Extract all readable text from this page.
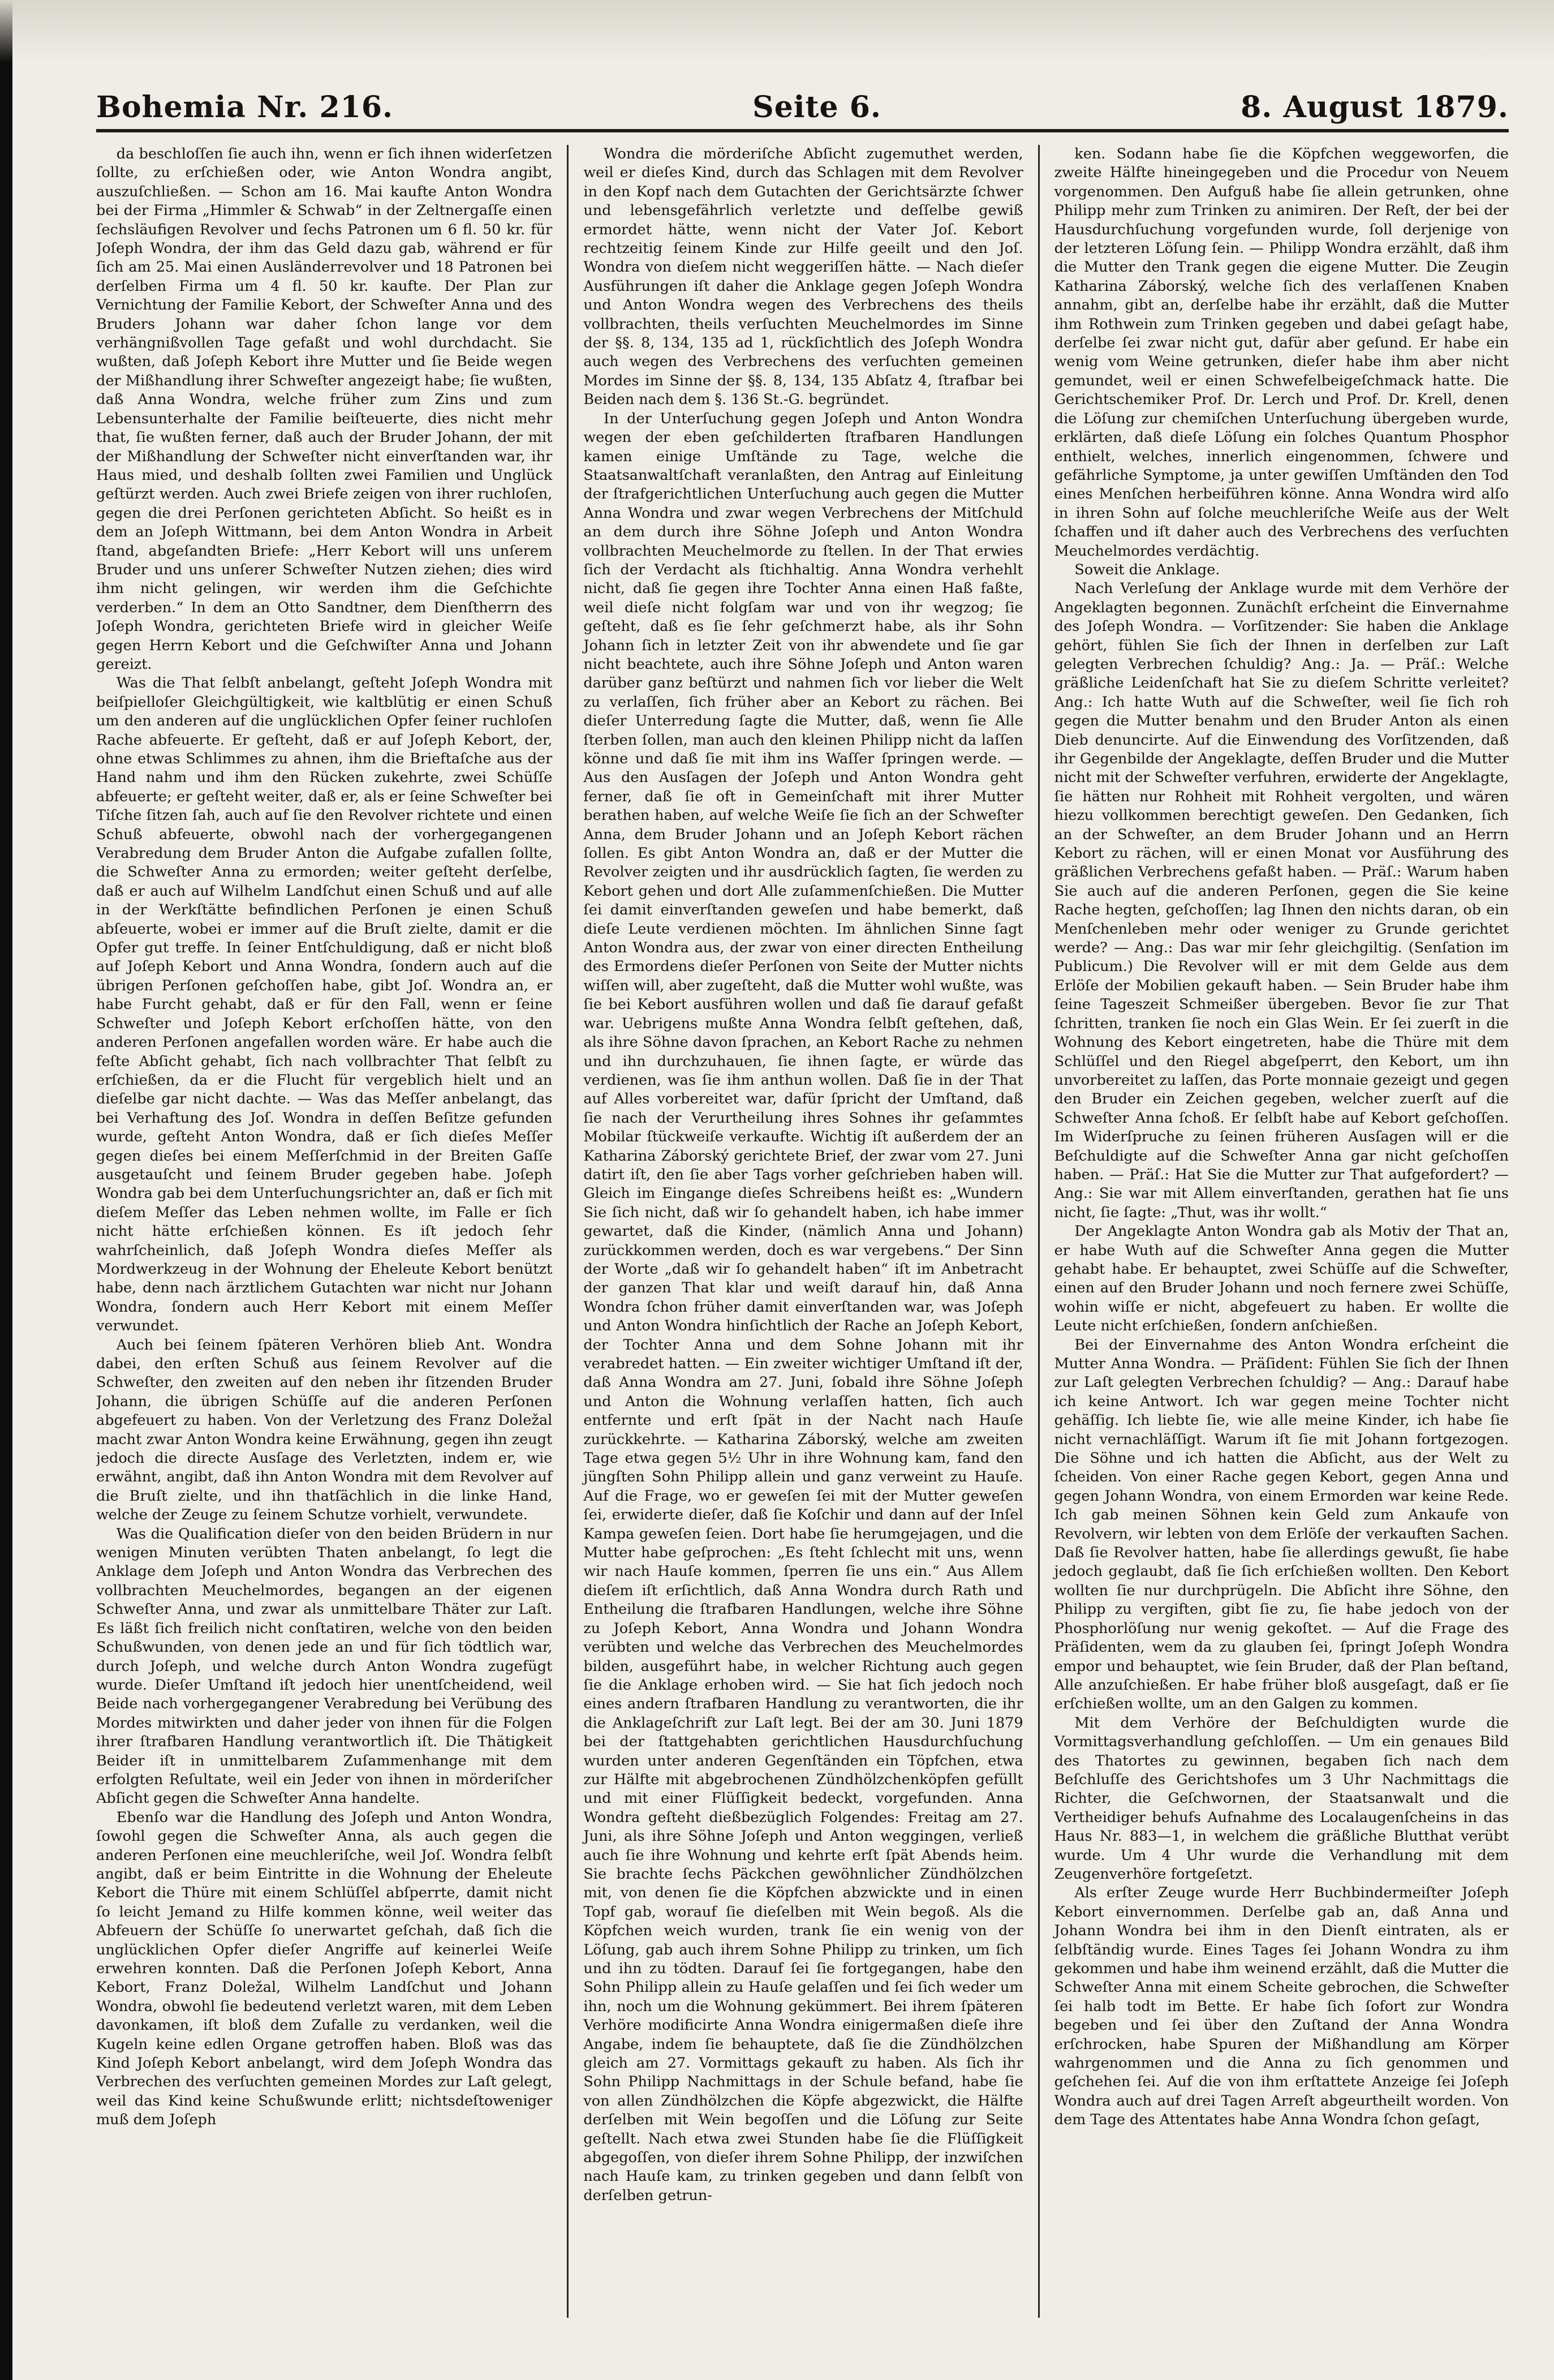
Bohemia Nr. 216.	Seite 6.	8. August 1879.

da beschloſſen ſie auch ihn, wenn er ſich ihnen widerſetzen ſollte, zu erſchießen oder, wie Anton Wondra angibt, auszuſchließen. — Schon am 16. Mai kaufte Anton Wondra bei der Firma „Himmler & Schwab“ in der Zeltnergaſſe einen ſechsläufigen Revolver und ſechs Patronen um 6 fl. 50 kr. für Joſeph Wondra, der ihm das Geld dazu gab, während er für ſich am 25. Mai einen Ausländerrevolver und 18 Patronen bei derſelben Firma um 4 fl. 50 kr. kaufte. Der Plan zur Vernichtung der Familie Kebort, der Schweſter Anna und des Bruders Johann war daher ſchon lange vor dem verhängnißvollen Tage gefaßt und wohl durchdacht. Sie wußten, daß Joſeph Kebort ihre Mutter und ſie Beide wegen der Mißhandlung ihrer Schweſter angezeigt habe; ſie wußten, daß Anna Wondra, welche früher zum Zins und zum Lebensunterhalte der Familie beiſteuerte, dies nicht mehr that, ſie wußten ferner, daß auch der Bruder Johann, der mit der Mißhandlung der Schweſter nicht einverſtanden war, ihr Haus mied, und deshalb ſollten zwei Familien und Unglück geſtürzt werden. Auch zwei Briefe zeigen von ihrer ruchloſen, gegen die drei Perſonen gerichteten Abſicht. So heißt es in dem an Joſeph Wittmann, bei dem Anton Wondra in Arbeit ſtand, abgeſandten Briefe: „Herr Kebort will uns unſerem Bruder und uns unſerer Schweſter Nutzen ziehen; dies wird ihm nicht gelingen, wir werden ihm die Geſchichte verderben.“ In dem an Otto Sandtner, dem Dienſtherrn des Joſeph Wondra, gerichteten Briefe wird in gleicher Weiſe gegen Herrn Kebort und die Geſchwiſter Anna und Johann gereizt.

Was die That ſelbſt anbelangt, geſteht Joſeph Wondra mit beiſpielloſer Gleichgültigkeit, wie kaltblütig er einen Schuß um den anderen auf die unglücklichen Opfer ſeiner ruchloſen Rache abfeuerte. Er geſteht, daß er auf Joſeph Kebort, der, ohne etwas Schlimmes zu ahnen, ihm die Brieftaſche aus der Hand nahm und ihm den Rücken zukehrte, zwei Schüſſe abfeuerte; er geſteht weiter, daß er, als er ſeine Schweſter bei Tiſche ſitzen ſah, auch auf ſie den Revolver richtete und einen Schuß abfeuerte, obwohl nach der vorhergegangenen Verabredung dem Bruder Anton die Aufgabe zufallen ſollte, die Schweſter Anna zu ermorden; weiter geſteht derſelbe, daß er auch auf Wilhelm Landſchut einen Schuß und auf alle in der Werkſtätte befindlichen Perſonen je einen Schuß abſeuerte, wobei er immer auf die Bruſt zielte, damit er die Opfer gut treffe. In ſeiner Entſchuldigung, daß er nicht bloß auf Joſeph Kebort und Anna Wondra, ſondern auch auf die übrigen Perſonen geſchoſſen habe, gibt Joſ. Wondra an, er habe Furcht gehabt, daß er für den Fall, wenn er ſeine Schweſter und Joſeph Kebort erſchoſſen hätte, von den anderen Perſonen angefallen worden wäre. Er habe auch die feſte Abſicht gehabt, ſich nach vollbrachter That ſelbſt zu erſchießen, da er die Flucht für vergeblich hielt und an dieſelbe gar nicht dachte. — Was das Meſſer anbelangt, das bei Verhaftung des Joſ. Wondra in deſſen Beſitze gefunden wurde, geſteht Anton Wondra, daß er ſich dieſes Meſſer gegen dieſes bei einem Meſſerſchmid in der Breiten Gaſſe ausgetauſcht und ſeinem Bruder gegeben habe. Joſeph Wondra gab bei dem Unterſuchungsrichter an, daß er ſich mit dieſem Meſſer das Leben nehmen wollte, im Falle er ſich nicht hätte erſchießen können. Es iſt jedoch ſehr wahrſcheinlich, daß Joſeph Wondra dieſes Meſſer als Mordwerkzeug in der Wohnung der Eheleute Kebort benützt habe, denn nach ärztlichem Gutachten war nicht nur Johann Wondra, ſondern auch Herr Kebort mit einem Meſſer verwundet.

Auch bei ſeinem ſpäteren Verhören blieb Ant. Wondra dabei, den erſten Schuß aus ſeinem Revolver auf die Schweſter, den zweiten auf den neben ihr ſitzenden Bruder Johann, die übrigen Schüſſe auf die anderen Perſonen abgefeuert zu haben. Von der Verletzung des Franz Doležal macht zwar Anton Wondra keine Erwähnung, gegen ihn zeugt jedoch die directe Ausſage des Verletzten, indem er, wie erwähnt, angibt, daß ihn Anton Wondra mit dem Revolver auf die Bruſt zielte, und ihn thatſächlich in die linke Hand, welche der Zeuge zu ſeinem Schutze vorhielt, verwundete.

Was die Qualification dieſer von den beiden Brüdern in nur wenigen Minuten verübten Thaten anbelangt, ſo legt die Anklage dem Joſeph und Anton Wondra das Verbrechen des vollbrachten Meuchelmordes, begangen an der eigenen Schweſter Anna, und zwar als unmittelbare Thäter zur Laſt. Es läßt ſich freilich nicht conſtatiren, welche von den beiden Schußwunden, von denen jede an und für ſich tödtlich war, durch Joſeph, und welche durch Anton Wondra zugefügt wurde. Dieſer Umſtand iſt jedoch hier unentſcheidend, weil Beide nach vorhergegangener Verabredung bei Verübung des Mordes mitwirkten und daher jeder von ihnen für die Folgen ihrer ſtrafbaren Handlung verantwortlich iſt. Die Thätigkeit Beider iſt in unmittelbarem Zuſammenhange mit dem erfolgten Reſultate, weil ein Jeder von ihnen in mörderiſcher Abſicht gegen die Schweſter Anna handelte.

Ebenſo war die Handlung des Joſeph und Anton Wondra, ſowohl gegen die Schweſter Anna, als auch gegen die anderen Perſonen eine meuchleriſche, weil Joſ. Wondra ſelbſt angibt, daß er beim Eintritte in die Wohnung der Eheleute Kebort die Thüre mit einem Schlüſſel abſperrte, damit nicht ſo leicht Jemand zu Hilfe kommen könne, weil weiter das Abfeuern der Schüſſe ſo unerwartet geſchah, daß ſich die unglücklichen Opfer dieſer Angriffe auf keinerlei Weiſe erwehren konnten. Daß die Perſonen Joſeph Kebort, Anna Kebort, Franz Doležal, Wilhelm Landſchut und Johann Wondra, obwohl ſie bedeutend verletzt waren, mit dem Leben davonkamen, iſt bloß dem Zufalle zu verdanken, weil die Kugeln keine edlen Organe getroffen haben. Bloß was das Kind Joſeph Kebort anbelangt, wird dem Joſeph Wondra das Verbrechen des verſuchten gemeinen Mordes zur Laſt gelegt, weil das Kind keine Schußwunde erlitt; nichtsdeſtoweniger muß dem Joſeph

Wondra die mörderiſche Abſicht zugemuthet werden, weil er dieſes Kind, durch das Schlagen mit dem Revolver in den Kopf nach dem Gutachten der Gerichtsärzte ſchwer und lebensgefährlich verletzte und deſſelbe gewiß ermordet hätte, wenn nicht der Vater Joſ. Kebort rechtzeitig ſeinem Kinde zur Hilfe geeilt und den Joſ. Wondra von dieſem nicht weggeriſſen hätte. — Nach dieſer Ausführungen iſt daher die Anklage gegen Joſeph Wondra und Anton Wondra wegen des Verbrechens des theils vollbrachten, theils verſuchten Meuchelmordes im Sinne der §§. 8, 134, 135 ad 1, rückſichtlich des Joſeph Wondra auch wegen des Verbrechens des verſuchten gemeinen Mordes im Sinne der §§. 8, 134, 135 Abſatz 4, ſtrafbar bei Beiden nach dem §. 136 St.-G. begründet.

In der Unterſuchung gegen Joſeph und Anton Wondra wegen der eben geſchilderten ſtrafbaren Handlungen kamen einige Umſtände zu Tage, welche die Staatsanwaltſchaft veranlaßten, den Antrag auf Einleitung der ſtrafgerichtlichen Unterſuchung auch gegen die Mutter Anna Wondra und zwar wegen Verbrechens der Mitſchuld an dem durch ihre Söhne Joſeph und Anton Wondra vollbrachten Meuchelmorde zu ſtellen. In der That erwies ſich der Verdacht als ſtichhaltig. Anna Wondra verhehlt nicht, daß ſie gegen ihre Tochter Anna einen Haß faßte, weil dieſe nicht folgſam war und von ihr wegzog; ſie geſteht, daß es ſie ſehr geſchmerzt habe, als ihr Sohn Johann ſich in letzter Zeit von ihr abwendete und ſie gar nicht beachtete, auch ihre Söhne Joſeph und Anton waren darüber ganz beſtürzt und nahmen ſich vor lieber die Welt zu verlaſſen, ſich früher aber an Kebort zu rächen. Bei dieſer Unterredung ſagte die Mutter, daß, wenn ſie Alle ſterben ſollen, man auch den kleinen Philipp nicht da laſſen könne und daß ſie mit ihm ins Waſſer ſpringen werde. — Aus den Ausſagen der Joſeph und Anton Wondra geht ferner, daß ſie oft in Gemeinſchaft mit ihrer Mutter berathen haben, auf welche Weiſe ſie ſich an der Schweſter Anna, dem Bruder Johann und an Joſeph Kebort rächen ſollen. Es gibt Anton Wondra an, daß er der Mutter die Revolver zeigten und ihr ausdrücklich ſagten, ſie werden zu Kebort gehen und dort Alle zuſammenſchießen. Die Mutter ſei damit einverſtanden geweſen und habe bemerkt, daß dieſe Leute verdienen möchten. Im ähnlichen Sinne ſagt Anton Wondra aus, der zwar von einer directen Entheilung des Ermordens dieſer Perſonen von Seite der Mutter nichts wiſſen will, aber zugeſteht, daß die Mutter wohl wußte, was ſie bei Kebort ausführen wollen und daß ſie darauf gefaßt war. Uebrigens mußte Anna Wondra ſelbſt geſtehen, daß, als ihre Söhne davon ſprachen, an Kebort Rache zu nehmen und ihn durchzuhauen, ſie ihnen ſagte, er würde das verdienen, was ſie ihm anthun wollen. Daß ſie in der That auf Alles vorbereitet war, dafür ſpricht der Umſtand, daß ſie nach der Verurtheilung ihres Sohnes ihr geſammtes Mobilar ſtückweiſe verkaufte. Wichtig iſt außerdem der an Katharina Záborský gerichtete Brief, der zwar vom 27. Juni datirt iſt, den ſie aber Tags vorher geſchrieben haben will. Gleich im Eingange dieſes Schreibens heißt es: „Wundern Sie ſich nicht, daß wir ſo gehandelt haben, ich habe immer gewartet, daß die Kinder, (nämlich Anna und Johann) zurückkommen werden, doch es war vergebens.“ Der Sinn der Worte „daß wir ſo gehandelt haben“ iſt im Anbetracht der ganzen That klar und weiſt darauf hin, daß Anna Wondra ſchon früher damit einverſtanden war, was Joſeph und Anton Wondra hinſichtlich der Rache an Joſeph Kebort, der Tochter Anna und dem Sohne Johann mit ihr verabredet hatten. — Ein zweiter wichtiger Umſtand iſt der, daß Anna Wondra am 27. Juni, ſobald ihre Söhne Joſeph und Anton die Wohnung verlaſſen hatten, ſich auch entfernte und erſt ſpät in der Nacht nach Hauſe zurückkehrte. — Katharina Záborský, welche am zweiten Tage etwa gegen 5½ Uhr in ihre Wohnung kam, fand den jüngſten Sohn Philipp allein und ganz verweint zu Hauſe. Auf die Frage, wo er geweſen ſei mit der Mutter geweſen ſei, erwiderte dieſer, daß ſie Koſchir und dann auf der Inſel Kampa geweſen ſeien. Dort habe ſie herumgejagen, und die Mutter habe geſprochen: „Es ſteht ſchlecht mit uns, wenn wir nach Hauſe kommen, ſperren ſie uns ein.“ Aus Allem dieſem iſt erſichtlich, daß Anna Wondra durch Rath und Entheilung die ſtrafbaren Handlungen, welche ihre Söhne zu Joſeph Kebort, Anna Wondra und Johann Wondra verübten und welche das Verbrechen des Meuchelmordes bilden, ausgeführt habe, in welcher Richtung auch gegen ſie die Anklage erhoben wird. — Sie hat ſich jedoch noch eines andern ſtrafbaren Handlung zu verantworten, die ihr die Anklageſchrift zur Laſt legt. Bei der am 30. Juni 1879 bei der ſtattgehabten gerichtlichen Hausdurchſuchung wurden unter anderen Gegenſtänden ein Töpfchen, etwa zur Hälfte mit abgebrochenen Zündhölzchenköpfen gefüllt und mit einer Flüſſigkeit bedeckt, vorgefunden. Anna Wondra geſteht dießbezüglich Folgendes: Freitag am 27. Juni, als ihre Söhne Joſeph und Anton weggingen, verließ auch ſie ihre Wohnung und kehrte erſt ſpät Abends heim. Sie brachte ſechs Päckchen gewöhnlicher Zündhölzchen mit, von denen ſie die Köpfchen abzwickte und in einen Topf gab, worauf ſie dieſelben mit Wein begoß. Als die Köpfchen weich wurden, trank ſie ein wenig von der Löſung, gab auch ihrem Sohne Philipp zu trinken, um ſich und ihn zu tödten. Darauf ſei ſie fortgegangen, habe den Sohn Philipp allein zu Hauſe gelaſſen und ſei ſich weder um ihn, noch um die Wohnung gekümmert. Bei ihrem ſpäteren Verhöre modificirte Anna Wondra einigermaßen dieſe ihre Angabe, indem ſie behauptete, daß ſie die Zündhölzchen gleich am 27. Vormittags gekauft zu haben. Als ſich ihr Sohn Philipp Nachmittags in der Schule befand, habe ſie von allen Zündhölzchen die Köpfe abgezwickt, die Hälfte derſelben mit Wein begoſſen und die Löſung zur Seite geſtellt. Nach etwa zwei Stunden habe ſie die Flüſſigkeit abgegoſſen, von dieſer ihrem Sohne Philipp, der inzwiſchen nach Hauſe kam, zu trinken gegeben und dann ſelbſt von derſelben getrun-

ken. Sodann habe ſie die Köpfchen weggeworfen, die zweite Hälfte hineingegeben und die Procedur von Neuem vorgenommen. Den Aufguß habe ſie allein getrunken, ohne Philipp mehr zum Trinken zu animiren. Der Reſt, der bei der Hausdurchſuchung vorgefunden wurde, ſoll derjenige von der letzteren Löſung ſein. — Philipp Wondra erzählt, daß ihm die Mutter den Trank gegen die eigene Mutter. Die Zeugin Katharina Záborský, welche ſich des verlaſſenen Knaben annahm, gibt an, derſelbe habe ihr erzählt, daß die Mutter ihm Rothwein zum Trinken gegeben und dabei geſagt habe, derſelbe ſei zwar nicht gut, dafür aber geſund. Er habe ein wenig vom Weine getrunken, dieſer habe ihm aber nicht gemundet, weil er einen Schwefelbeigeſchmack hatte. Die Gerichtschemiker Prof. Dr. Lerch und Prof. Dr. Krell, denen die Löſung zur chemiſchen Unterſuchung übergeben wurde, erklärten, daß dieſe Löſung ein ſolches Quantum Phosphor enthielt, welches, innerlich eingenommen, ſchwere und gefährliche Symptome, ja unter gewiſſen Umſtänden den Tod eines Menſchen herbeiführen könne. Anna Wondra wird alſo in ihren Sohn auf ſolche meuchleriſche Weiſe aus der Welt ſchaffen und iſt daher auch des Verbrechens des verſuchten Meuchelmordes verdächtig.

Soweit die Anklage.

Nach Verleſung der Anklage wurde mit dem Verhöre der Angeklagten begonnen. Zunächſt erſcheint die Einvernahme des Joſeph Wondra. — Vorſitzender: Sie haben die Anklage gehört, fühlen Sie ſich der Ihnen in derſelben zur Laſt gelegten Verbrechen ſchuldig? Ang.: Ja. — Präſ.: Welche gräßliche Leidenſchaft hat Sie zu dieſem Schritte verleitet? Ang.: Ich hatte Wuth auf die Schweſter, weil ſie ſich roh gegen die Mutter benahm und den Bruder Anton als einen Dieb denuncirte. Auf die Einwendung des Vorſitzenden, daß ihr Gegenbilde der Angeklagte, deſſen Bruder und die Mutter nicht mit der Schweſter verfuhren, erwiderte der Angeklagte, ſie hätten nur Rohheit mit Rohheit vergolten, und wären hiezu vollkommen berechtigt geweſen. Den Gedanken, ſich an der Schweſter, an dem Bruder Johann und an Herrn Kebort zu rächen, will er einen Monat vor Ausführung des gräßlichen Verbrechens gefaßt haben. — Präſ.: Warum haben Sie auch auf die anderen Perſonen, gegen die Sie keine Rache hegten, geſchoſſen; lag Ihnen den nichts daran, ob ein Menſchenleben mehr oder weniger zu Grunde gerichtet werde? — Ang.: Das war mir ſehr gleichgiltig. (Senſation im Publicum.) Die Revolver will er mit dem Gelde aus dem Erlöſe der Mobilien gekauft haben. — Sein Bruder habe ihm ſeine Tageszeit Schmeißer übergeben. Bevor ſie zur That ſchritten, tranken ſie noch ein Glas Wein. Er ſei zuerſt in die Wohnung des Kebort eingetreten, habe die Thüre mit dem Schlüſſel und den Riegel abgeſperrt, den Kebort, um ihn unvorbereitet zu laſſen, das Porte monnaie gezeigt und gegen den Bruder ein Zeichen gegeben, welcher zuerſt auf die Schweſter Anna ſchoß. Er ſelbſt habe auf Kebort geſchoſſen. Im Widerſpruche zu ſeinen früheren Ausſagen will er die Beſchuldigte auf die Schweſter Anna gar nicht geſchoſſen haben. — Präſ.: Hat Sie die Mutter zur That aufgefordert? — Ang.: Sie war mit Allem einverſtanden, gerathen hat ſie uns nicht, ſie ſagte: „Thut, was ihr wollt.“

Der Angeklagte Anton Wondra gab als Motiv der That an, er habe Wuth auf die Schweſter Anna gegen die Mutter gehabt habe. Er behauptet, zwei Schüſſe auf die Schweſter, einen auf den Bruder Johann und noch fernere zwei Schüſſe, wohin wiſſe er nicht, abgefeuert zu haben. Er wollte die Leute nicht erſchießen, ſondern anſchießen.

Bei der Einvernahme des Anton Wondra erſcheint die Mutter Anna Wondra. — Präſident: Fühlen Sie ſich der Ihnen zur Laſt gelegten Verbrechen ſchuldig? — Ang.: Darauf habe ich keine Antwort. Ich war gegen meine Tochter nicht gehäſſig. Ich liebte ſie, wie alle meine Kinder, ich habe ſie nicht vernachläſſigt. Warum iſt ſie mit Johann fortgezogen. Die Söhne und ich hatten die Abſicht, aus der Welt zu ſcheiden. Von einer Rache gegen Kebort, gegen Anna und gegen Johann Wondra, von einem Ermorden war keine Rede. Ich gab meinen Söhnen kein Geld zum Ankaufe von Revolvern, wir lebten von dem Erlöſe der verkauften Sachen. Daß ſie Revolver hatten, habe ſie allerdings gewußt, ſie habe jedoch geglaubt, daß ſie ſich erſchießen wollten. Den Kebort wollten ſie nur durchprügeln. Die Abſicht ihre Söhne, den Philipp zu vergiften, gibt ſie zu, ſie habe jedoch von der Phosphorlöſung nur wenig gekoſtet. — Auf die Frage des Präſidenten, wem da zu glauben ſei, ſpringt Joſeph Wondra empor und behauptet, wie ſein Bruder, daß der Plan beſtand, Alle anzuſchießen. Er habe früher bloß ausgeſagt, daß er ſie erſchießen wollte, um an den Galgen zu kommen.

Mit dem Verhöre der Beſchuldigten wurde die Vormittagsverhandlung geſchloſſen. — Um ein genaues Bild des Thatortes zu gewinnen, begaben ſich nach dem Beſchluſſe des Gerichtshofes um 3 Uhr Nachmittags die Richter, die Geſchwornen, der Staatsanwalt und die Vertheidiger behufs Aufnahme des Localaugenſcheins in das Haus Nr. 883—1, in welchem die gräßliche Blutthat verübt wurde. Um 4 Uhr wurde die Verhandlung mit dem Zeugenverhöre fortgeſetzt.

Als erſter Zeuge wurde Herr Buchbindermeiſter Joſeph Kebort einvernommen. Derſelbe gab an, daß Anna und Johann Wondra bei ihm in den Dienſt eintraten, als er ſelbſtändig wurde. Eines Tages ſei Johann Wondra zu ihm gekommen und habe ihm weinend erzählt, daß die Mutter die Schweſter Anna mit einem Scheite gebrochen, die Schweſter ſei halb todt im Bette. Er habe ſich ſofort zur Wondra begeben und ſei über den Zuſtand der Anna Wondra erſchrocken, habe Spuren der Mißhandlung am Körper wahrgenommen und die Anna zu ſich genommen und geſchehen ſei. Auf die von ihm erſtattete Anzeige ſei Joſeph Wondra auch auf drei Tagen Arreſt abgeurtheilt worden. Von dem Tage des Attentates habe Anna Wondra ſchon geſagt,
